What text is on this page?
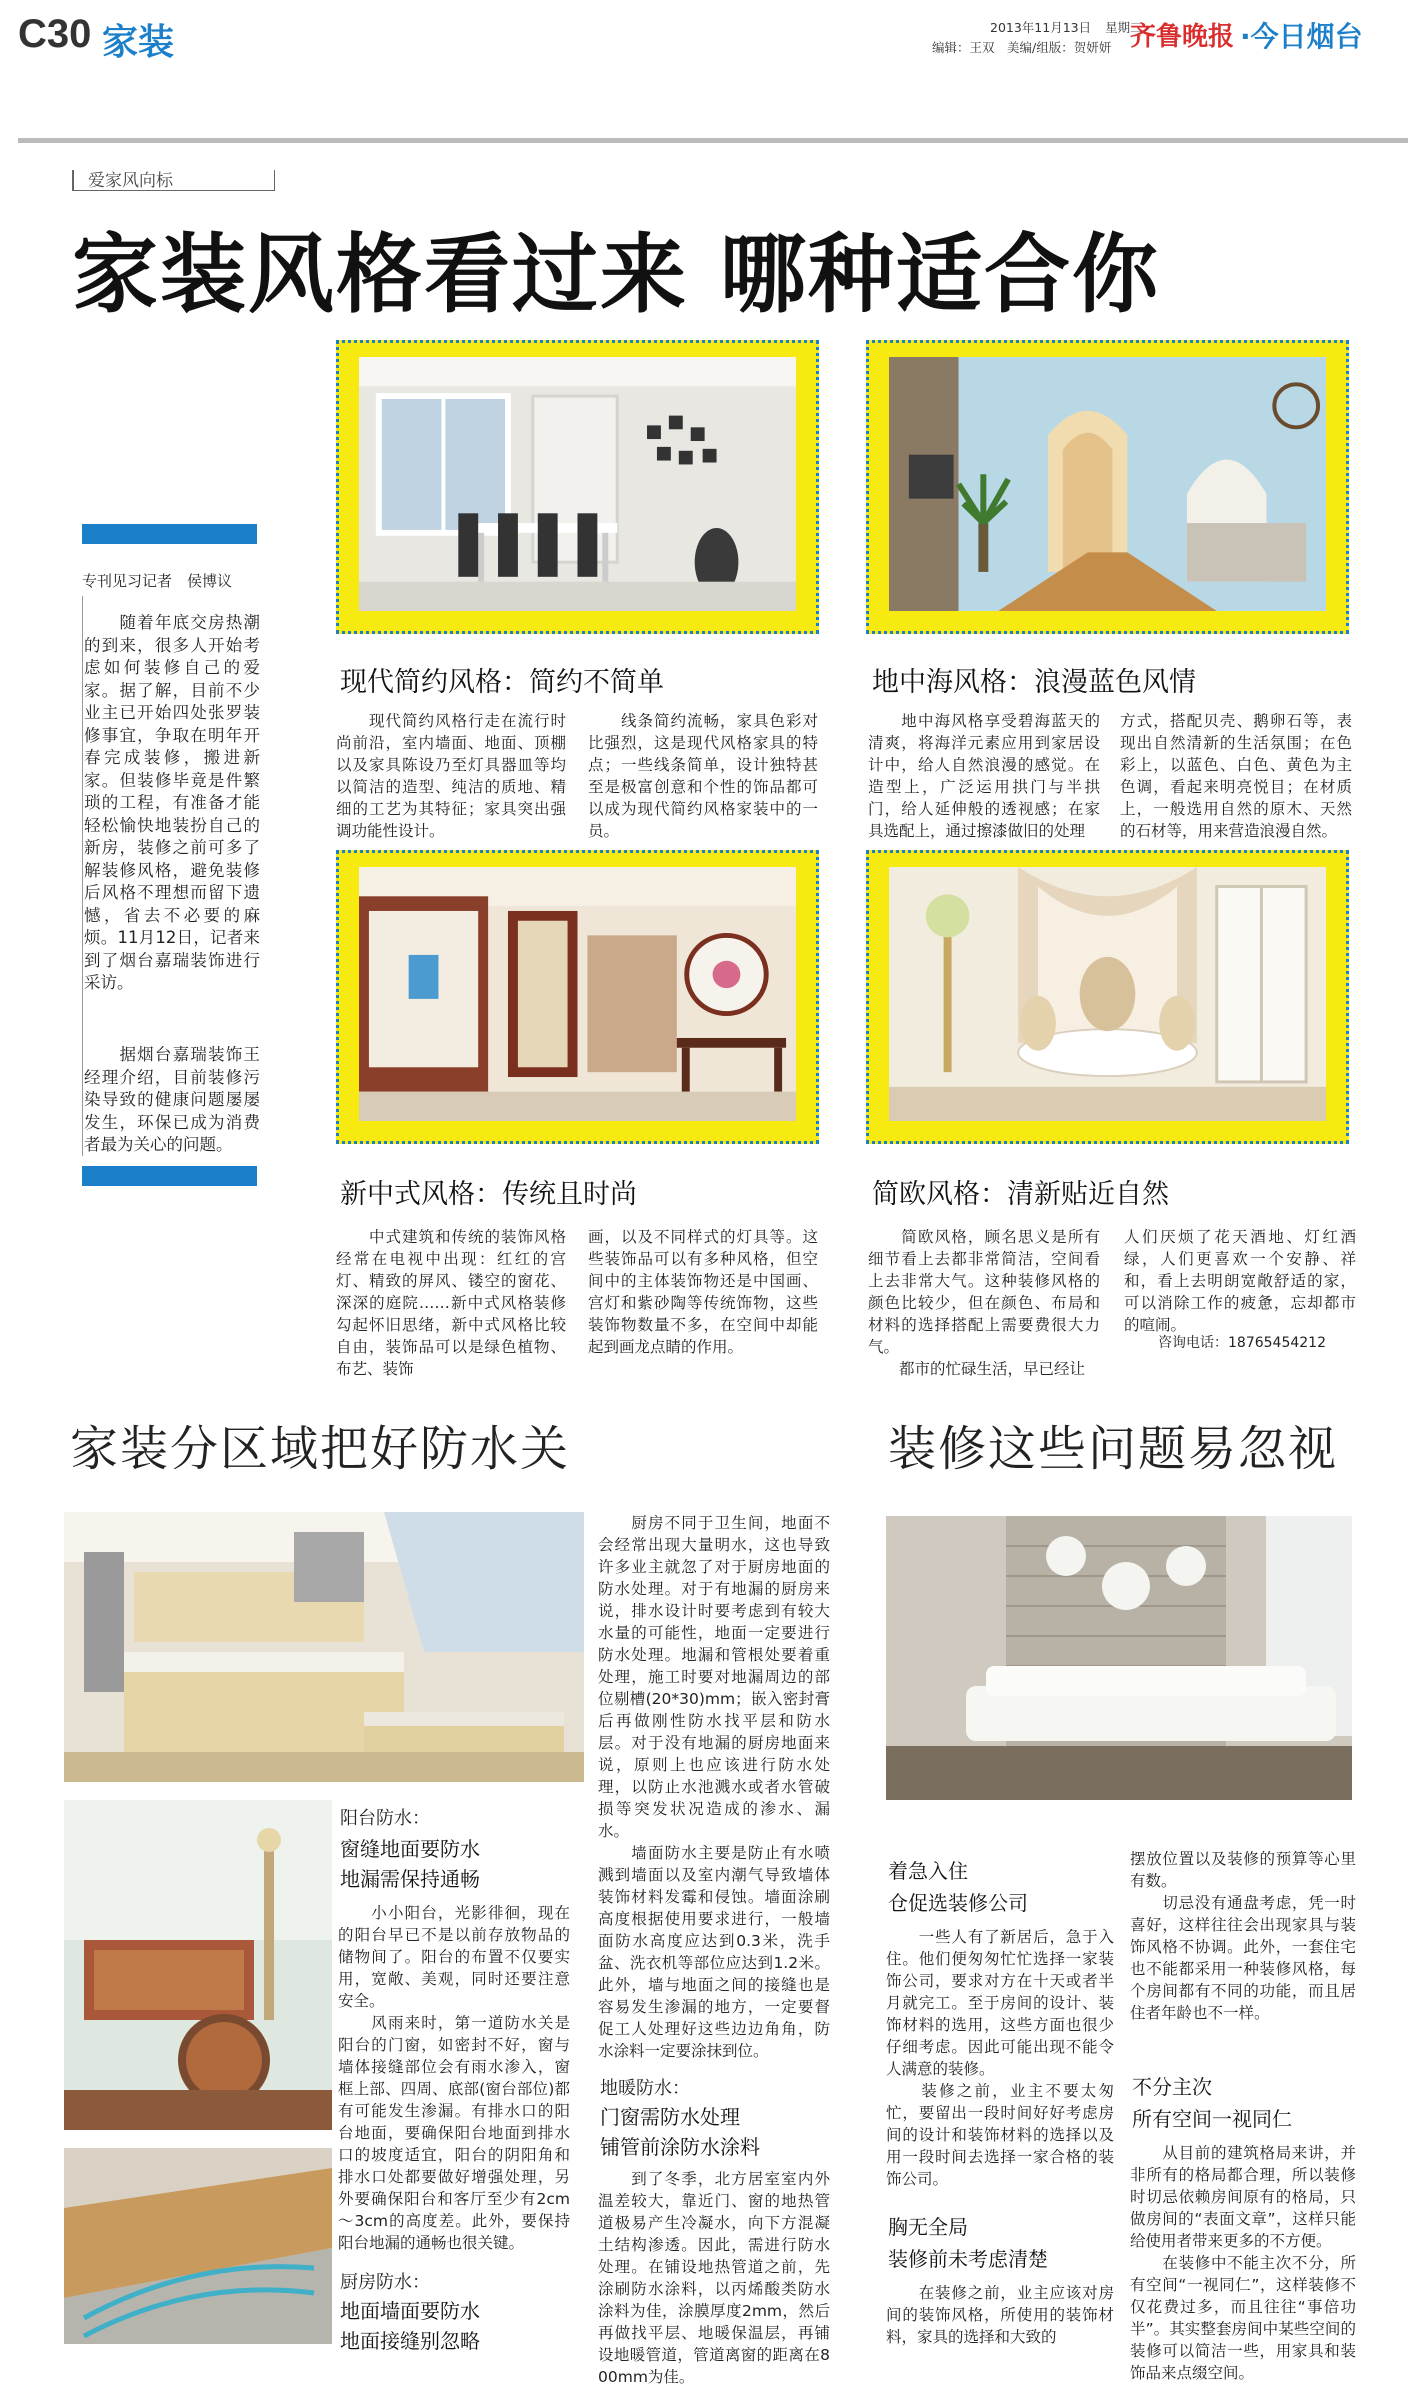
C30 家装	2013年11月13日 星期三
编辑：王双　美编/组版：贺妍妍 齐鲁晚报 ·今日烟台
爱家风向标
家装风格看过来 哪种适合你
专刊见习记者　侯博议
　　随着年底交房热潮的到来，很多人开始考虑如何装修自己的爱家。据了解，目前不少业主已开始四处张罗装修事宜，争取在明年开春完成装修，搬进新家。但装修毕竟是件繁琐的工程，有准备才能轻松愉快地装扮自己的新房，装修之前可多了解装修风格，避免装修后风格不理想而留下遗憾，省去不必要的麻烦。11月12日，记者来到了烟台嘉瑞装饰进行采访。
　　据烟台嘉瑞装饰王经理介绍，目前装修污染导致的健康问题屡屡发生，环保已成为消费者最为关心的问题。
现代简约风格：简约不简单
　　现代简约风格行走在流行时尚前沿，室内墙面、地面、顶棚以及家具陈设乃至灯具器皿等均以简洁的造型、纯洁的质地、精细的工艺为其特征；家具突出强调功能性设计。
　　线条简约流畅，家具色彩对比强烈，这是现代风格家具的特点；一些线条简单，设计独特甚至是极富创意和个性的饰品都可以成为现代简约风格家装中的一员。
地中海风格：浪漫蓝色风情
　　地中海风格享受碧海蓝天的清爽，将海洋元素应用到家居设计中，给人自然浪漫的感觉。在造型上，广泛运用拱门与半拱门，给人延伸般的透视感；在家具选配上，通过擦漆做旧的处理
方式，搭配贝壳、鹅卵石等，表现出自然清新的生活氛围；在色彩上，以蓝色、白色、黄色为主色调，看起来明亮悦目；在材质上，一般选用自然的原木、天然的石材等，用来营造浪漫自然。
新中式风格：传统且时尚
　　中式建筑和传统的装饰风格经常在电视中出现：红红的宫灯、精致的屏风、镂空的窗花、深深的庭院……新中式风格装修勾起怀旧思绪，新中式风格比较自由，装饰品可以是绿色植物、布艺、装饰
画，以及不同样式的灯具等。这些装饰品可以有多种风格，但空间中的主体装饰物还是中国画、宫灯和紫砂陶等传统饰物，这些装饰物数量不多，在空间中却能起到画龙点睛的作用。
简欧风格：清新贴近自然
　　简欧风格，顾名思义是所有细节看上去都非常简洁，空间看上去非常大气。这种装修风格的颜色比较少，但在颜色、布局和材料的选择搭配上需要费很大力气。
　　都市的忙碌生活，早已经让
人们厌烦了花天酒地、灯红酒绿，人们更喜欢一个安静、祥和，看上去明朗宽敞舒适的家，可以消除工作的疲惫，忘却都市的喧闹。
咨询电话：18765454212
家装分区域把好防水关	装修这些问题易忽视
　　厨房不同于卫生间，地面不会经常出现大量明水，这也导致许多业主就忽了对于厨房地面的防水处理。对于有地漏的厨房来说，排水设计时要考虑到有较大水量的可能性，地面一定要进行防水处理。地漏和管根处要着重处理，施工时要对地漏周边的部位剔槽(20*30)mm；嵌入密封膏后再做刚性防水找平层和防水层。对于没有地漏的厨房地面来说，原则上也应该进行防水处理，以防止水池溅水或者水管破损等突发状况造成的渗水、漏水。
　　墙面防水主要是防止有水喷溅到墙面以及室内潮气导致墙体装饰材料发霉和侵蚀。墙面涂刷高度根据使用要求进行，一般墙面防水高度应达到0.3米，洗手盆、洗衣机等部位应达到1.2米。此外，墙与地面之间的接缝也是容易发生渗漏的地方，一定要督促工人处理好这些边边角角，防水涂料一定要涂抹到位。
地暖防水：
门窗需防水处理
铺管前涂防水涂料
　　到了冬季，北方居室室内外温差较大，靠近门、窗的地热管道极易产生冷凝水，向下方混凝土结构渗透。因此，需进行防水处理。在铺设地热管道之前，先涂刷防水涂料，以丙烯酸类防水涂料为佳，涂膜厚度2mm，然后再做找平层、地暖保温层，再铺设地暖管道，管道离窗的距离在800mm为佳。
阳台防水：
窗缝地面要防水
地漏需保持通畅
　　小小阳台，光影徘徊，现在的阳台早已不是以前存放物品的储物间了。阳台的布置不仅要实用，宽敞、美观，同时还要注意安全。
　　风雨来时，第一道防水关是阳台的门窗，如密封不好，窗与墙体接缝部位会有雨水渗入，窗框上部、四周、底部(窗台部位)都有可能发生渗漏。有排水口的阳台地面，要确保阳台地面到排水口的坡度适宜，阳台的阴阳角和排水口处都要做好增强处理，另外要确保阳台和客厅至少有2cm～3cm的高度差。此外，要保持阳台地漏的通畅也很关键。
厨房防水：
地面墙面要防水
地面接缝别忽略
着急入住
仓促选装修公司
　　一些人有了新居后，急于入住。他们便匆匆忙忙选择一家装饰公司，要求对方在十天或者半月就完工。至于房间的设计、装饰材料的选用，这些方面也很少仔细考虑。因此可能出现不能令人满意的装修。
　　装修之前，业主不要太匆忙，要留出一段时间好好考虑房间的设计和装饰材料的选择以及用一段时间去选择一家合格的装饰公司。
胸无全局
装修前未考虑清楚
　　在装修之前，业主应该对房间的装饰风格，所使用的装饰材料，家具的选择和大致的
摆放位置以及装修的预算等心里有数。
　　切忌没有通盘考虑，凭一时喜好，这样往往会出现家具与装饰风格不协调。此外，一套住宅也不能都采用一种装修风格，每个房间都有不同的功能，而且居住者年龄也不一样。
不分主次
所有空间一视同仁
　　从目前的建筑格局来讲，并非所有的格局都合理，所以装修时切忌依赖房间原有的格局，只做房间的“表面文章”，这样只能给使用者带来更多的不方便。
　　在装修中不能主次不分，所有空间“一视同仁”，这样装修不仅花费过多，而且往往“事倍功半”。其实整套房间中某些空间的装修可以简洁一些，用家具和装饰品来点缀空间。
